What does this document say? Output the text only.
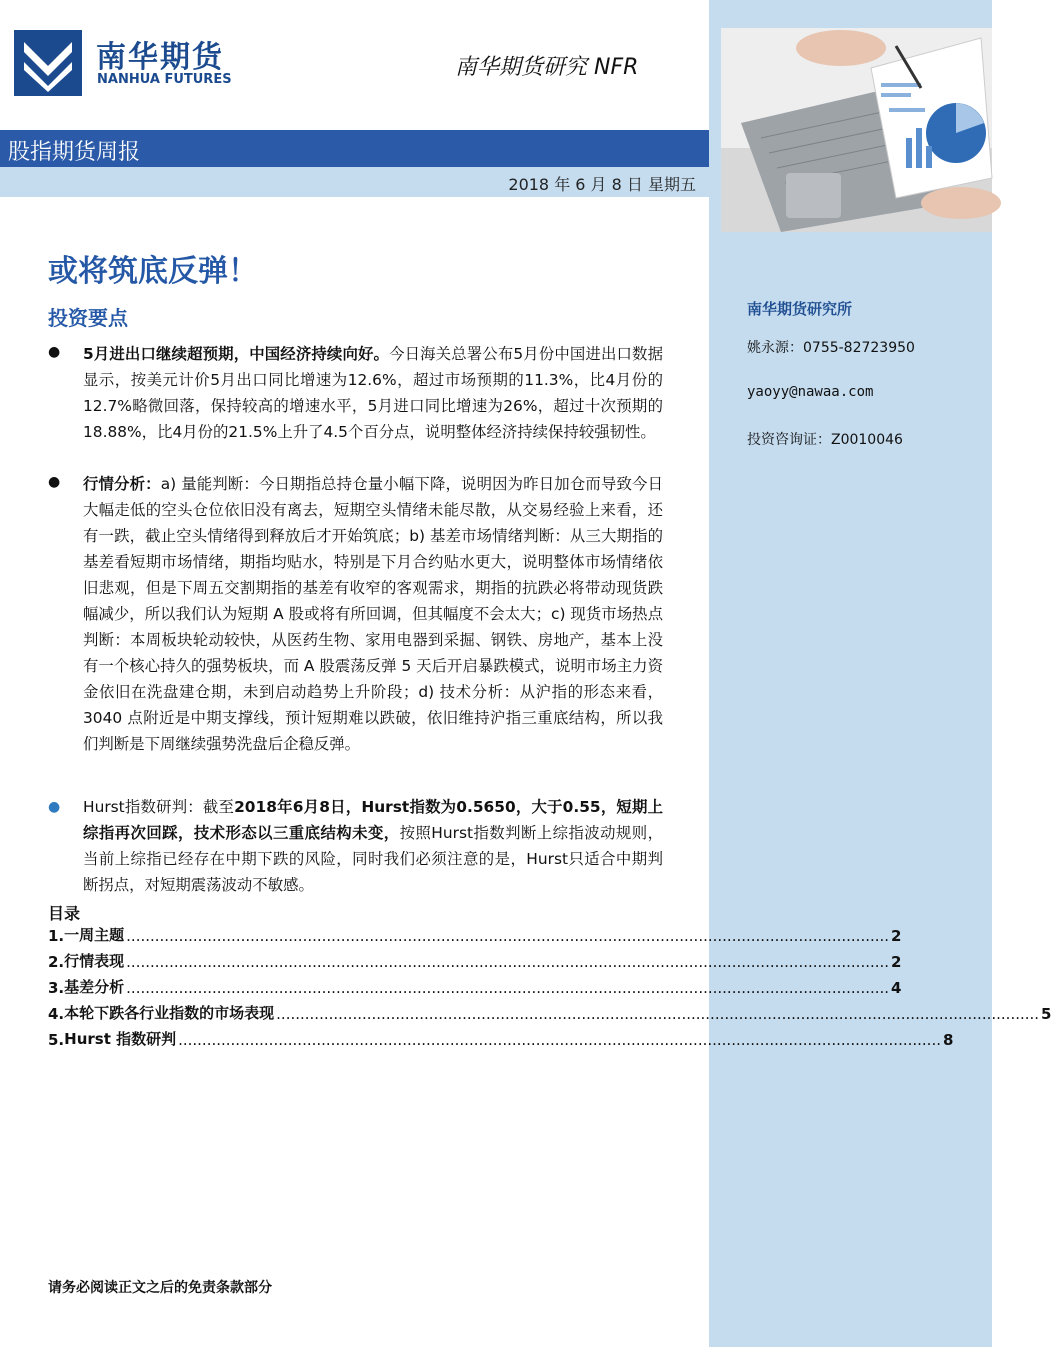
南华期货研究所
姚永源：0755-82723950
yaoyy@nawaa.com
投资咨询证：Z0010046
南华期货
NANHUA FUTURES	南华期货研究 NFR
股指期货周报
2018 年 6 月 8 日 星期五
或将筑底反弹！
投资要点
●	5月进出口继续超预期，中国经济持续向好。今日海关总署公布5月份中国进出口数据显示，按美元计价5月出口同比增速为12.6%，超过市场预期的11.3%，比4月份的12.7%略微回落，保持较高的增速水平，5月进口同比增速为26%，超过十次预期的18.88%，比4月份的21.5%上升了4.5个百分点，说明整体经济持续保持较强韧性。
●	行情分析：a) 量能判断：今日期指总持仓量小幅下降，说明因为昨日加仓而导致今日大幅走低的空头仓位依旧没有离去，短期空头情绪未能尽散，从交易经验上来看，还有一跌，截止空头情绪得到释放后才开始筑底；b) 基差市场情绪判断：从三大期指的基差看短期市场情绪，期指均贴水，特别是下月合约贴水更大，说明整体市场情绪依旧悲观，但是下周五交割期指的基差有收窄的客观需求，期指的抗跌必将带动现货跌幅减少，所以我们认为短期 A 股或将有所回调，但其幅度不会太大；c) 现货市场热点判断：本周板块轮动较快，从医药生物、家用电器到采掘、钢铁、房地产，基本上没有一个核心持久的强势板块，而 A 股震荡反弹 5 天后开启暴跌模式，说明市场主力资金依旧在洗盘建仓期，未到启动趋势上升阶段；d) 技术分析：从沪指的形态来看，3040 点附近是中期支撑线，预计短期难以跌破，依旧维持沪指三重底结构，所以我们判断是下周继续强势洗盘后企稳反弹。
●	Hurst指数研判：截至2018年6月8日，Hurst指数为0.5650，大于0.55，短期上综指再次回踩，技术形态以三重底结构未变，按照Hurst指数判断上综指波动规则，当前上综指已经存在中期下跌的风险，同时我们必须注意的是，Hurst只适合中期判断拐点，对短期震荡波动不敏感。
目录
1. 一周主题 ................................................................................................................................................................ 2
2. 行情表现 ................................................................................................................................................................ 2
3. 基差分析 ................................................................................................................................................................ 4
4. 本轮下跌各行业指数的市场表现 ................................................................................................................................................................ 5
5. Hurst 指数研判 ................................................................................................................................................................ 8
请务必阅读正文之后的免责条款部分
